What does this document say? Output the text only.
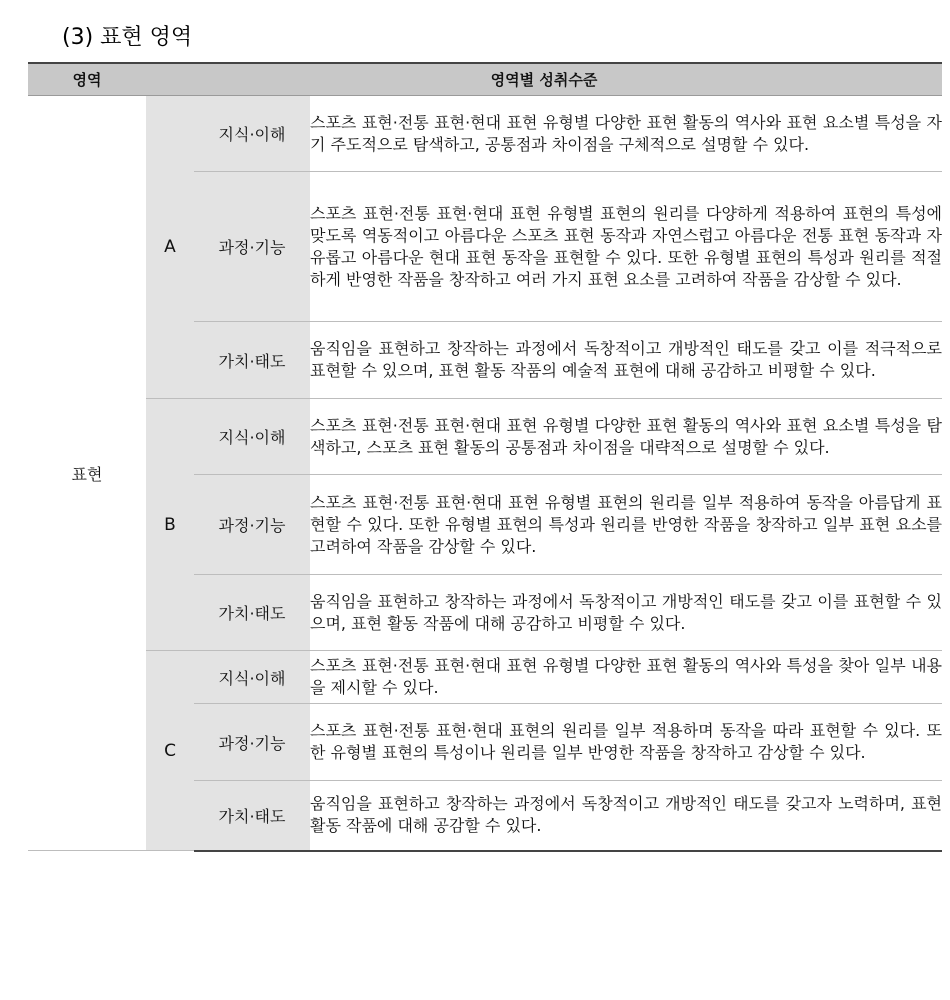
(3) 표현 영역
영역	영역별 성취수준		
표현	A	지식·이해	스포츠 표현·전통 표현·현대 표현 유형별 다양한 표현 활동의 역사와 표현 요소별 특성을 자기 주도적으로 탐색하고, 공통점과 차이점을 구체적으로 설명할 수 있다.
		과정·기능	스포츠 표현·전통 표현·현대 표현 유형별 표현의 원리를 다양하게 적용하여 표현의 특성에 맞도록 역동적이고 아름다운 스포츠 표현 동작과 자연스럽고 아름다운 전통 표현 동작과 자유롭고 아름다운 현대 표현 동작을 표현할 수 있다. 또한 유형별 표현의 특성과 원리를 적절하게 반영한 작품을 창작하고 여러 가지 표현 요소를 고려하여 작품을 감상할 수 있다.
		가치·태도	움직임을 표현하고 창작하는 과정에서 독창적이고 개방적인 태도를 갖고 이를 적극적으로 표현할 수 있으며, 표현 활동 작품의 예술적 표현에 대해 공감하고 비평할 수 있다.
	B	지식·이해	스포츠 표현·전통 표현·현대 표현 유형별 다양한 표현 활동의 역사와 표현 요소별 특성을 탐색하고, 스포츠 표현 활동의 공통점과 차이점을 대략적으로 설명할 수 있다.
		과정·기능	스포츠 표현·전통 표현·현대 표현 유형별 표현의 원리를 일부 적용하여 동작을 아름답게 표현할 수 있다. 또한 유형별 표현의 특성과 원리를 반영한 작품을 창작하고 일부 표현 요소를 고려하여 작품을 감상할 수 있다.
		가치·태도	움직임을 표현하고 창작하는 과정에서 독창적이고 개방적인 태도를 갖고 이를 표현할 수 있으며, 표현 활동 작품에 대해 공감하고 비평할 수 있다.
	C	지식·이해	스포츠 표현·전통 표현·현대 표현 유형별 다양한 표현 활동의 역사와 특성을 찾아 일부 내용을 제시할 수 있다.
		과정·기능	스포츠 표현·전통 표현·현대 표현의 원리를 일부 적용하며 동작을 따라 표현할 수 있다. 또한 유형별 표현의 특성이나 원리를 일부 반영한 작품을 창작하고 감상할 수 있다.
		가치·태도	움직임을 표현하고 창작하는 과정에서 독창적이고 개방적인 태도를 갖고자 노력하며, 표현 활동 작품에 대해 공감할 수 있다.
